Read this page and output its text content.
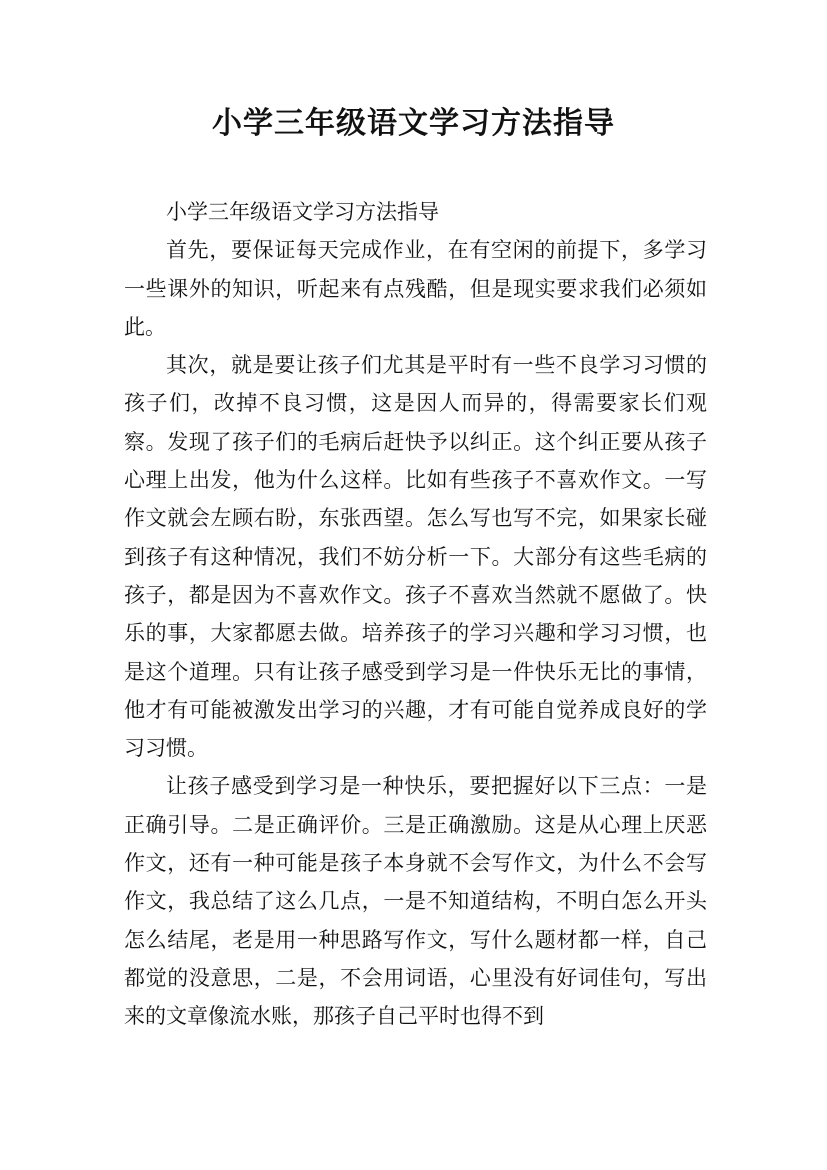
小学三年级语文学习方法指导

小学三年级语文学习方法指导

首先，要保证每天完成作业，在有空闲的前提下，多学习一些课外的知识，听起来有点残酷，但是现实要求我们必须如此。

其次，就是要让孩子们尤其是平时有一些不良学习习惯的孩子们，改掉不良习惯，这是因人而异的，得需要家长们观察。发现了孩子们的毛病后赶快予以纠正。这个纠正要从孩子心理上出发，他为什么这样。比如有些孩子不喜欢作文。一写作文就会左顾右盼，东张西望。怎么写也写不完，如果家长碰到孩子有这种情况，我们不妨分析一下。大部分有这些毛病的孩子，都是因为不喜欢作文。孩子不喜欢当然就不愿做了。快乐的事，大家都愿去做。培养孩子的学习兴趣和学习习惯，也是这个道理。只有让孩子感受到学习是一件快乐无比的事情，他才有可能被激发出学习的兴趣，才有可能自觉养成良好的学习习惯。

让孩子感受到学习是一种快乐，要把握好以下三点：一是正确引导。二是正确评价。三是正确激励。这是从心理上厌恶作文，还有一种可能是孩子本身就不会写作文，为什么不会写作文，我总结了这么几点，一是不知道结构，不明白怎么开头怎么结尾，老是用一种思路写作文，写什么题材都一样，自己都觉的没意思，二是，不会用词语，心里没有好词佳句，写出来的文章像流水账，那孩子自己平时也得不到
